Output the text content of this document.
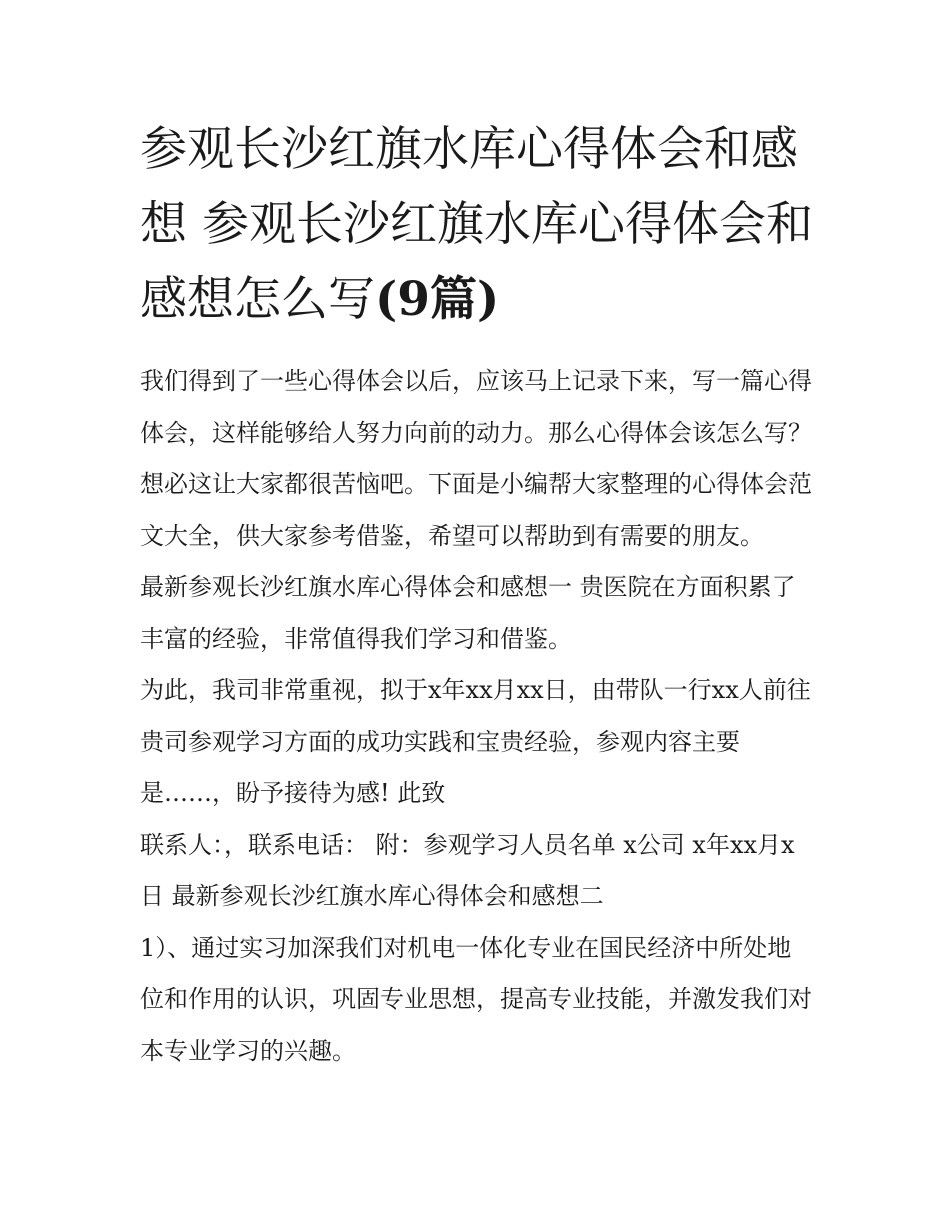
参观长沙红旗水库心得体会和感想 参观长沙红旗水库心得体会和感想怎么写(9篇)

我们得到了一些心得体会以后，应该马上记录下来，写一篇心得体会，这样能够给人努力向前的动力。那么心得体会该怎么写？想必这让大家都很苦恼吧。下面是小编帮大家整理的心得体会范文大全，供大家参考借鉴，希望可以帮助到有需要的朋友。

最新参观长沙红旗水库心得体会和感想一 贵医院在方面积累了丰富的经验，非常值得我们学习和借鉴。

为此，我司非常重视，拟于x年xx月xx日，由带队一行xx人前往贵司参观学习方面的成功实践和宝贵经验，参观内容主要是……，盼予接待为感! 此致

联系人：，联系电话： 附：参观学习人员名单 x公司 x年xx月x日 最新参观长沙红旗水库心得体会和感想二

1）、通过实习加深我们对机电一体化专业在国民经济中所处地位和作用的认识，巩固专业思想，提高专业技能，并激发我们对本专业学习的兴趣。
